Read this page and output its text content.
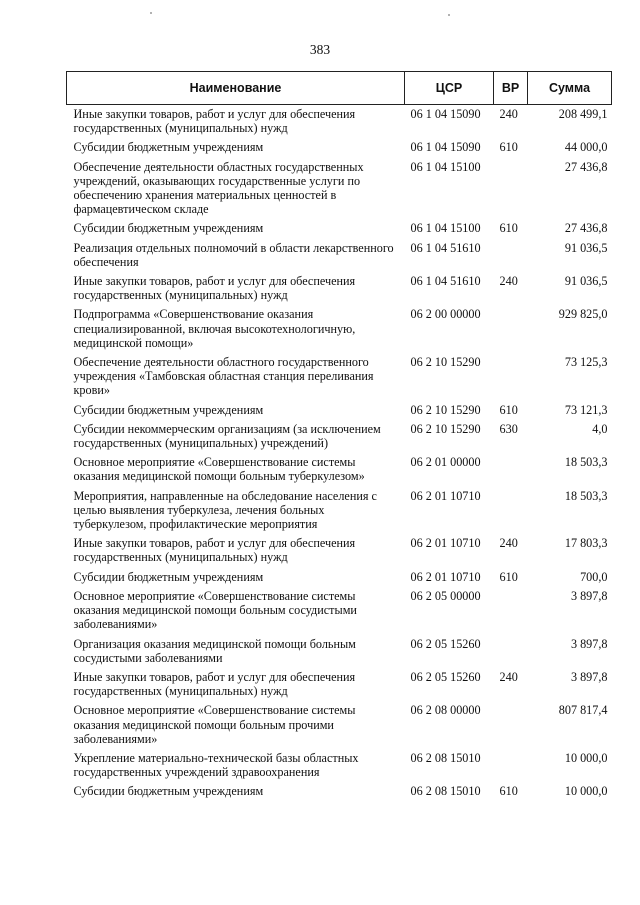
383
Наименование	ЦСР	ВР	Сумма
Иные закупки товаров, работ и услуг для обеспечения государственных (муниципальных) нужд	06 1 04 15090	240	208 499,1
Субсидии бюджетным учреждениям	06 1 04 15090	610	44 000,0
Обеспечение деятельности областных государственных учреждений, оказывающих государственные услуги по обеспечению хранения материальных ценностей в фармацевтическом складе	06 1 04 15100		27 436,8
Субсидии бюджетным учреждениям	06 1 04 15100	610	27 436,8
Реализация отдельных полномочий в области лекарственного обеспечения	06 1 04 51610		91 036,5
Иные закупки товаров, работ и услуг для обеспечения государственных (муниципальных) нужд	06 1 04 51610	240	91 036,5
Подпрограмма «Совершенствование оказания специализированной, включая высокотехнологичную, медицинской помощи»	06 2 00 00000		929 825,0
Обеспечение деятельности областного государственного учреждения «Тамбовская областная станция переливания крови»	06 2 10 15290		73 125,3
Субсидии бюджетным учреждениям	06 2 10 15290	610	73 121,3
Субсидии некоммерческим организациям (за исключением государственных (муниципальных) учреждений)	06 2 10 15290	630	4,0
Основное мероприятие «Совершенствование системы оказания медицинской помощи больным туберкулезом»	06 2 01 00000		18 503,3
Мероприятия, направленные на обследование населения с целью выявления туберкулеза, лечения больных туберкулезом, профилактические мероприятия	06 2 01 10710		18 503,3
Иные закупки товаров, работ и услуг для обеспечения государственных (муниципальных) нужд	06 2 01 10710	240	17 803,3
Субсидии бюджетным учреждениям	06 2 01 10710	610	700,0
Основное мероприятие «Совершенствование системы оказания медицинской помощи больным сосудистыми заболеваниями»	06 2 05 00000		3 897,8
Организация оказания медицинской помощи больным сосудистыми заболеваниями	06 2 05 15260		3 897,8
Иные закупки товаров, работ и услуг для обеспечения государственных (муниципальных) нужд	06 2 05 15260	240	3 897,8
Основное мероприятие «Совершенствование системы оказания медицинской помощи больным прочими заболеваниями»	06 2 08 00000		807 817,4
Укрепление материально-технической базы областных государственных учреждений здравоохранения	06 2 08 15010		10 000,0
Субсидии бюджетным учреждениям	06 2 08 15010	610	10 000,0
